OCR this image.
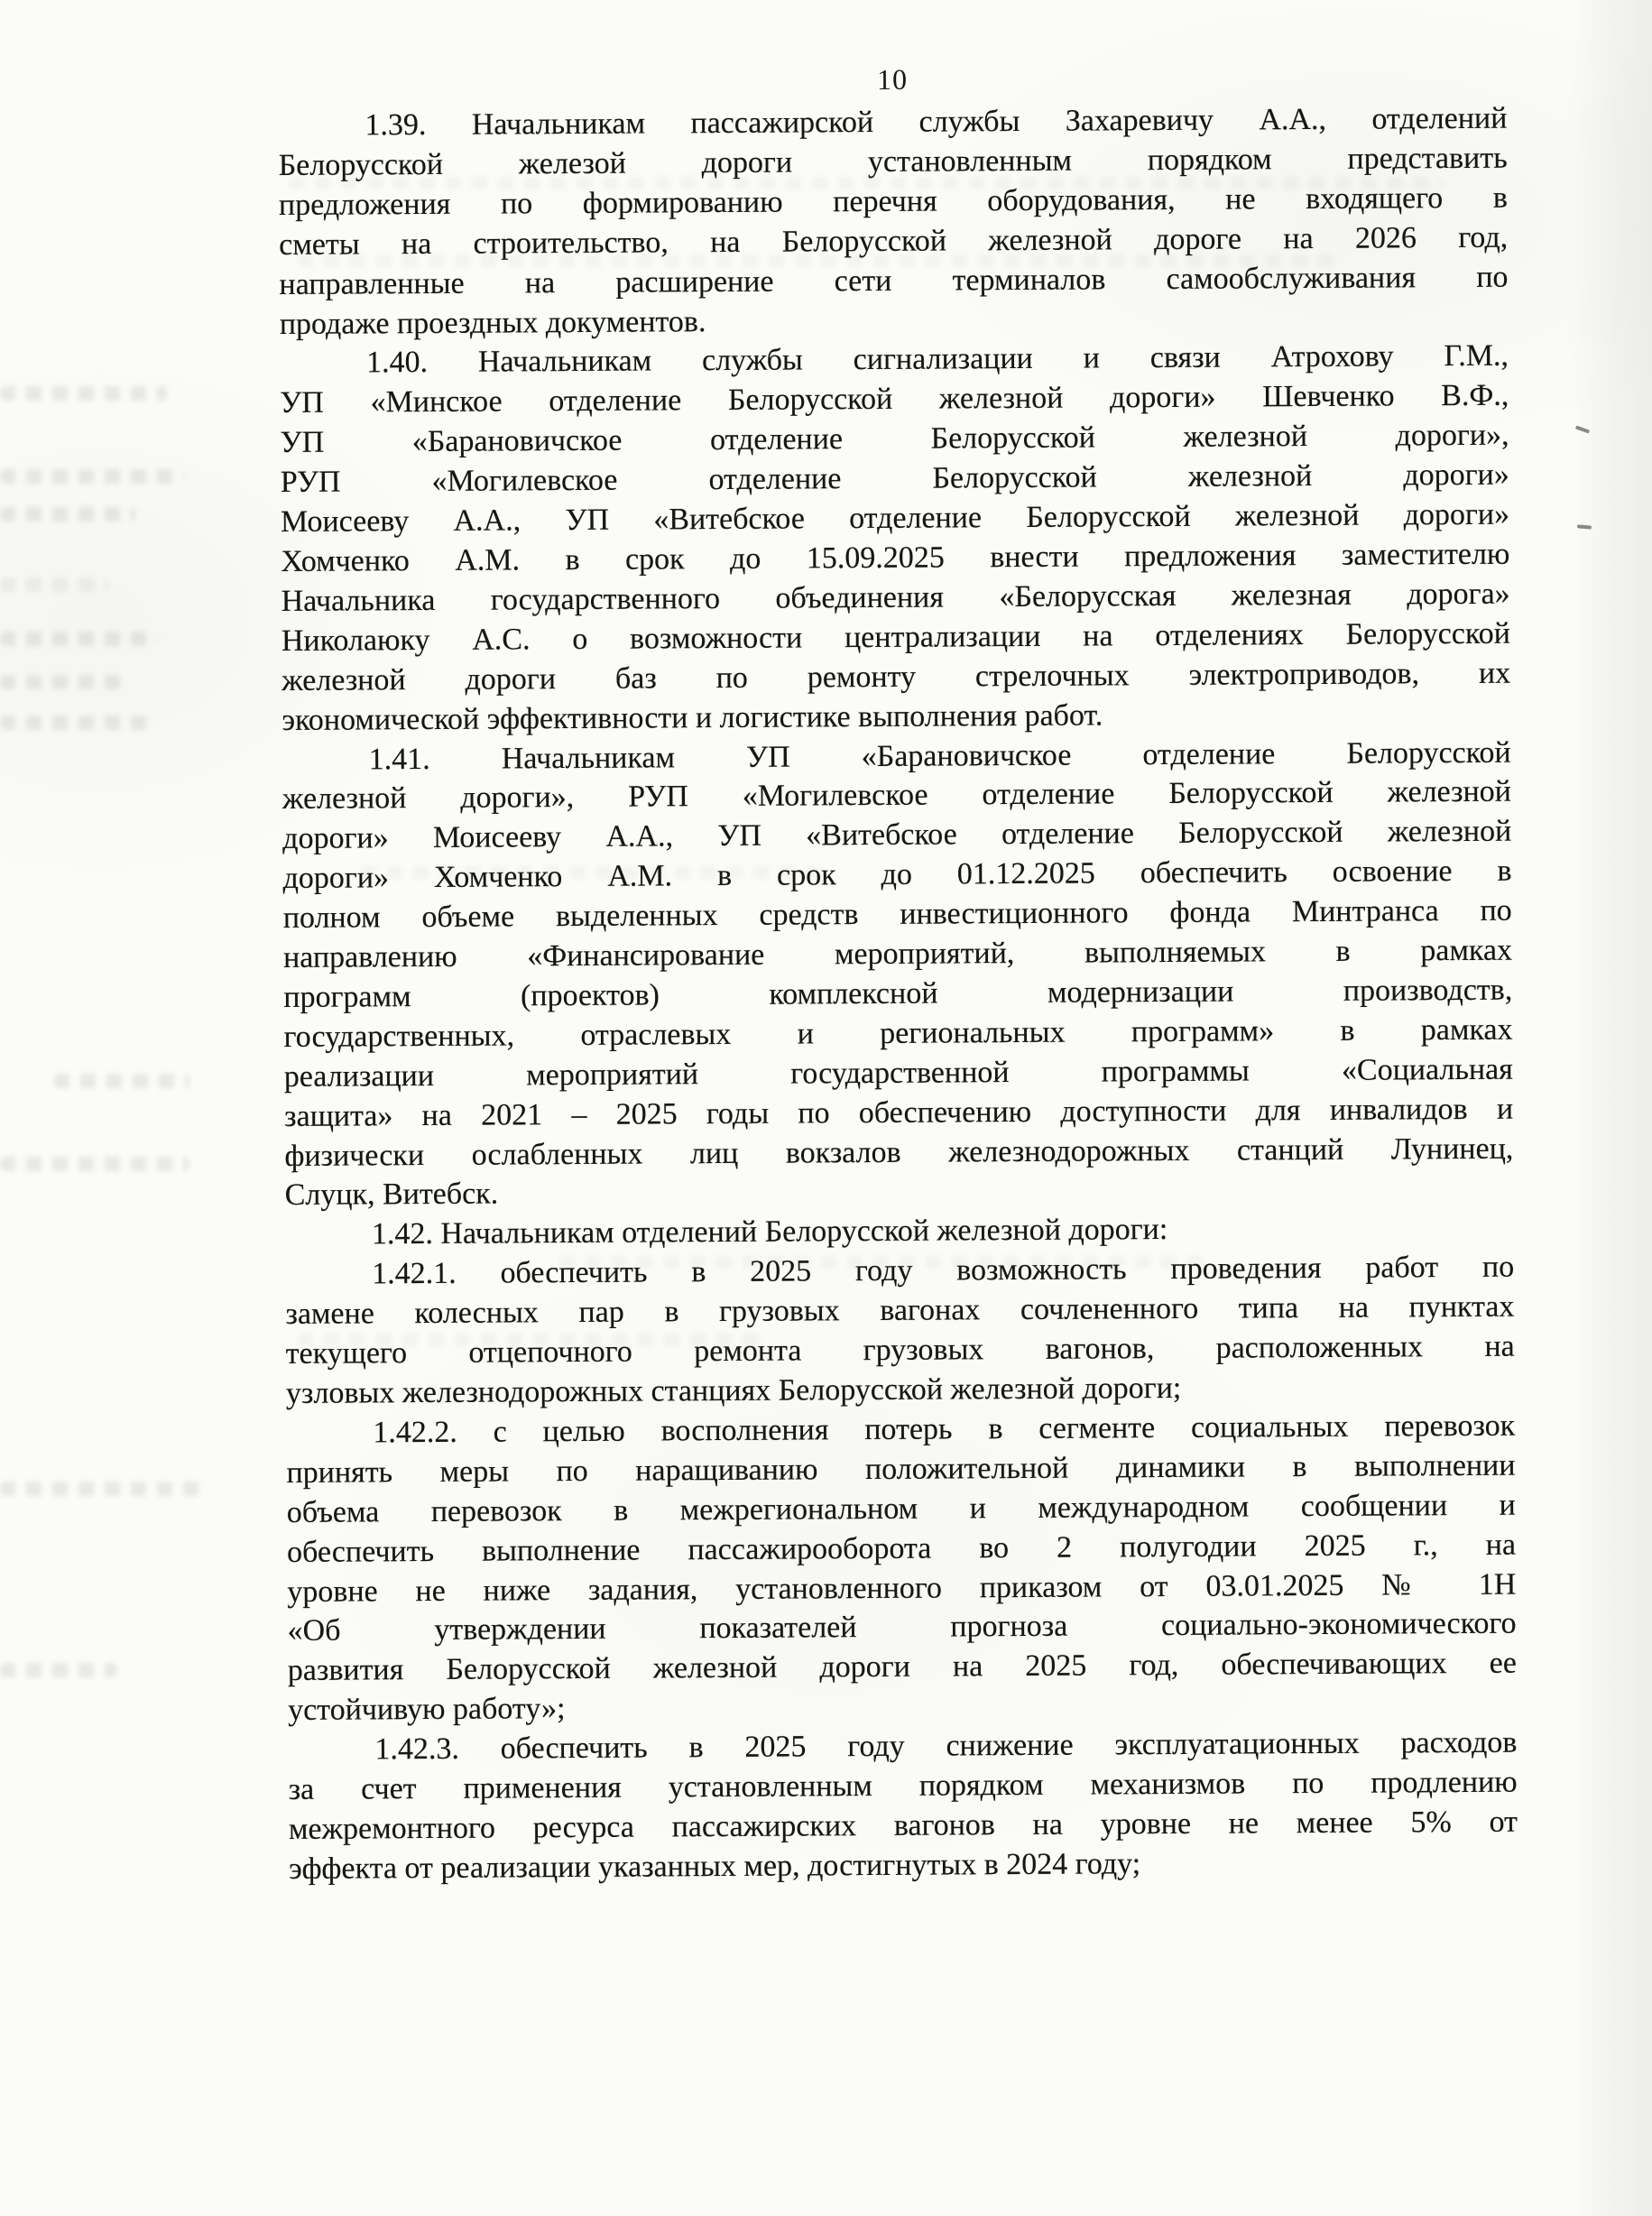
10
1.39. Начальникам пассажирской службы Захаревичу А.А., отделений
Белорусской железой дороги установленным порядком представить
предложения по формированию перечня оборудования, не входящего в
сметы на строительство, на Белорусской железной дороге на 2026 год,
направленные на расширение сети терминалов самообслуживания по
продаже проездных документов.
1.40. Начальникам службы сигнализации и связи Атрохову Г.М.,
УП «Минское отделение Белорусской железной дороги» Шевченко В.Ф.,
УП «Барановичское отделение Белорусской железной дороги»,
РУП «Могилевское отделение Белорусской железной дороги»
Моисееву А.А., УП «Витебское отделение Белорусской железной дороги»
Хомченко А.М. в срок до 15.09.2025 внести предложения заместителю
Начальника государственного объединения «Белорусская железная дорога»
Николаюку А.С. о возможности централизации на отделениях Белорусской
железной дороги баз по ремонту стрелочных электроприводов, их
экономической эффективности и логистике выполнения работ.
1.41. Начальникам УП «Барановичское отделение Белорусской
железной дороги», РУП «Могилевское отделение Белорусской железной
дороги» Моисееву А.А., УП «Витебское отделение Белорусской железной
дороги» Хомченко А.М. в срок до 01.12.2025 обеспечить освоение в
полном объеме выделенных средств инвестиционного фонда Минтранса по
направлению «Финансирование мероприятий, выполняемых в рамках
программ (проектов) комплексной модернизации производств,
государственных, отраслевых и региональных программ» в рамках
реализации мероприятий государственной программы «Социальная
защита» на 2021 – 2025 годы по обеспечению доступности для инвалидов и
физически ослабленных лиц вокзалов железнодорожных станций Лунинец,
Слуцк, Витебск.
1.42. Начальникам отделений Белорусской железной дороги:
1.42.1. обеспечить в 2025 году возможность проведения работ по
замене колесных пар в грузовых вагонах сочлененного типа на пунктах
текущего отцепочного ремонта грузовых вагонов, расположенных на
узловых железнодорожных станциях Белорусской железной дороги;
1.42.2. с целью восполнения потерь в сегменте социальных перевозок
принять меры по наращиванию положительной динамики в выполнении
объема перевозок в межрегиональном и международном сообщении и
обеспечить выполнение пассажирооборота во 2 полугодии 2025 г., на
уровне не ниже задания, установленного приказом от 03.01.2025 № 1Н
«Об утверждении показателей прогноза социально-экономического
развития Белорусской железной дороги на 2025 год, обеспечивающих ее
устойчивую работу»;
1.42.3. обеспечить в 2025 году снижение эксплуатационных расходов
за счет применения установленным порядком механизмов по продлению
межремонтного ресурса пассажирских вагонов на уровне не менее 5% от
эффекта от реализации указанных мер, достигнутых в 2024 году;
